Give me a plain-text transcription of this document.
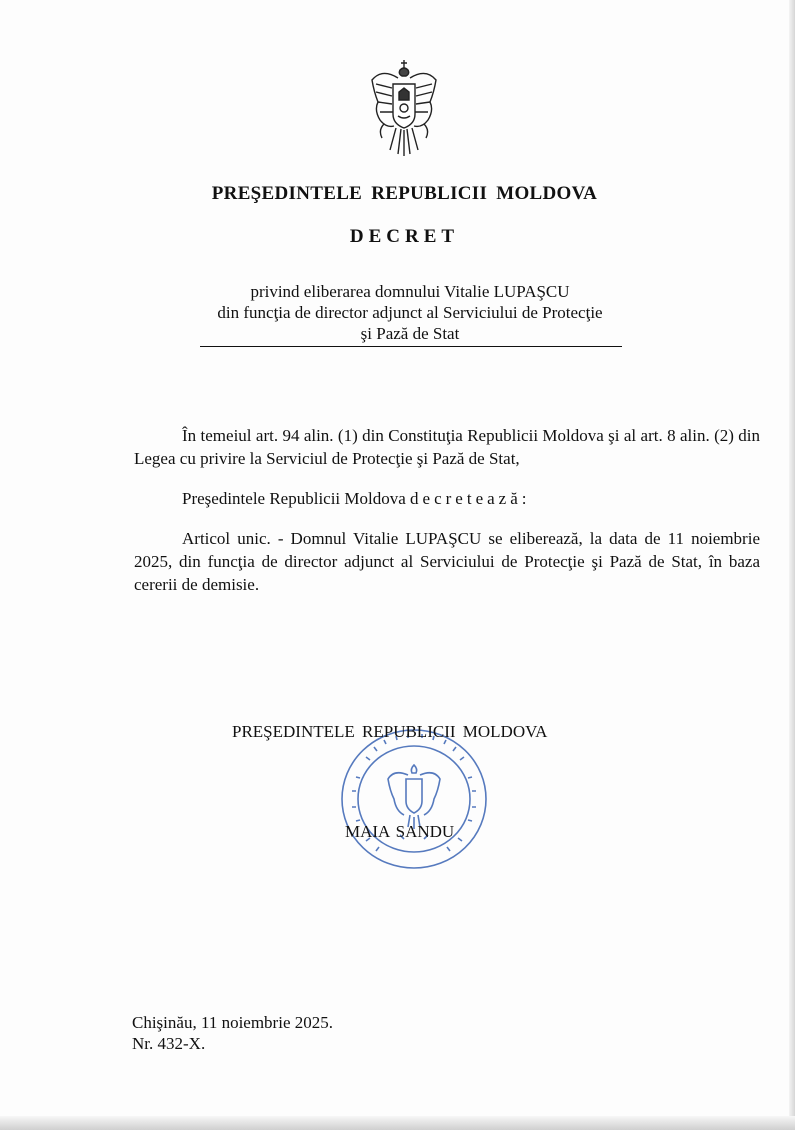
PREŞEDINTELE REPUBLICII MOLDOVA
DECRET
privind eliberarea domnului Vitalie LUPAŞCU
din funcţia de director adjunct al Serviciului de Protecţie
şi Pază de Stat
În temeiul art. 94 alin. (1) din Constituţia Republicii Moldova şi al art. 8 alin. (2) din Legea cu privire la Serviciul de Protecţie şi Pază de Stat,
Preşedintele Republicii Moldova decretează:
Articol unic. - Domnul Vitalie LUPAŞCU se eliberează, la data de 11 noiembrie 2025, din funcţia de director adjunct al Serviciului de Protecţie şi Pază de Stat, în baza cererii de demisie.
PREŞEDINTELE REPUBLICII MOLDOVA
MAIA SANDU
Chişinău, 11 noiembrie 2025.
Nr. 432-X.
